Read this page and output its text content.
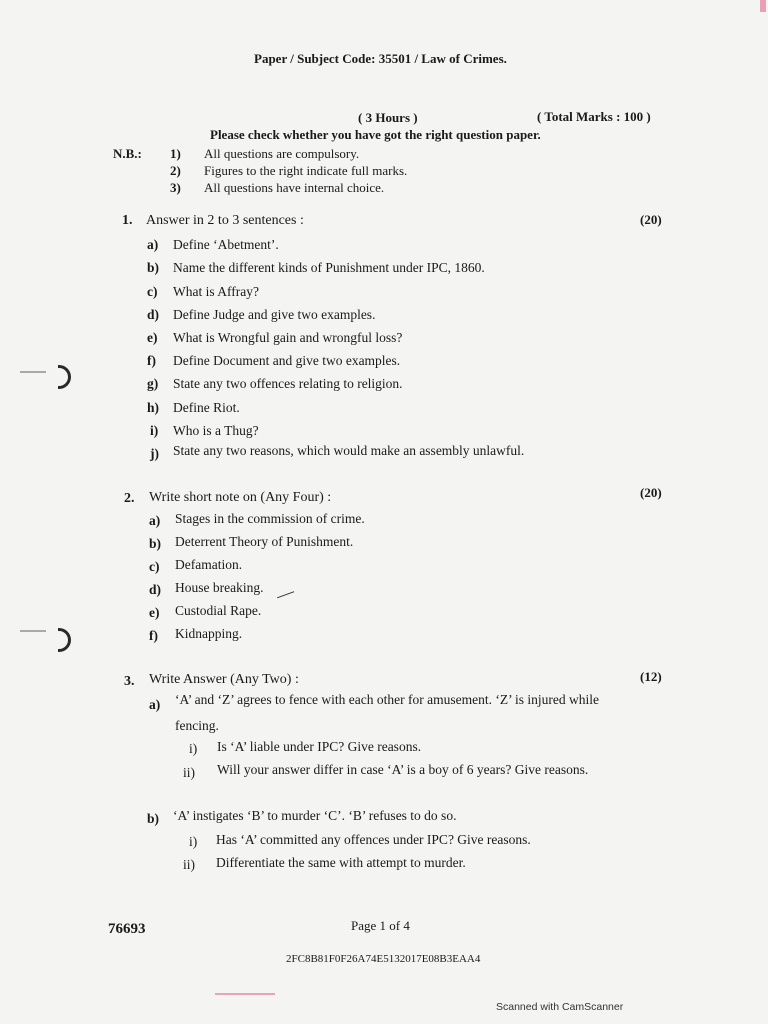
Paper / Subject Code: 35501 / Law of Crimes.
( 3 Hours )	( Total Marks : 100 )
Please check whether you have got the right question paper.
N.B.: 1) All questions are compulsory.
2) Figures to the right indicate full marks.
3) All questions have internal choice.
1. Answer in 2 to 3 sentences :	(20)
a) Define ‘Abetment’.
b) Name the different kinds of Punishment under IPC, 1860.
c) What is Affray?
d) Define Judge and give two examples.
e) What is Wrongful gain and wrongful loss?
f) Define Document and give two examples.
g) State any two offences relating to religion.
h) Define Riot.
i) Who is a Thug?
j) State any two reasons, which would make an assembly unlawful.
2. Write short note on (Any Four) :	(20)
a) Stages in the commission of crime.
b) Deterrent Theory of Punishment.
c) Defamation.
d) House breaking.
e) Custodial Rape.
f) Kidnapping.
3. Write Answer (Any Two) :	(12)
a) ‘A’ and ‘Z’ agrees to fence with each other for amusement. ‘Z’ is injured while
fencing.
i) Is ‘A’ liable under IPC? Give reasons.
ii) Will your answer differ in case ‘A’ is a boy of 6 years? Give reasons.
b) ‘A’ instigates ‘B’ to murder ‘C’. ‘B’ refuses to do so.
i) Has ‘A’ committed any offences under IPC? Give reasons.
ii) Differentiate the same with attempt to murder.
76693	Page 1 of 4
2FC8B81F0F26A74E5132017E08B3EAA4
Scanned with CamScanner
